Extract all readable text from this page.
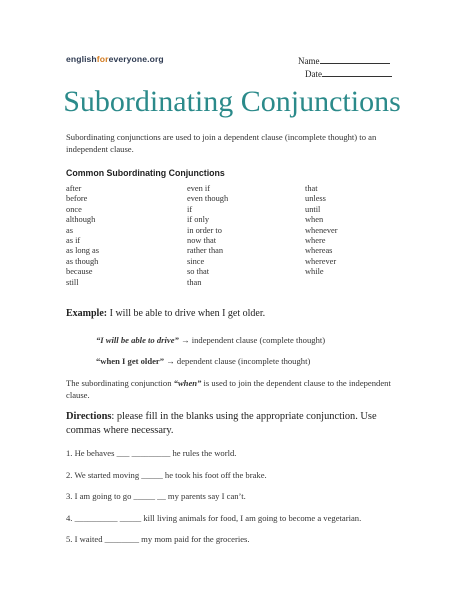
englishforeveryone.org	Name
Date
Subordinating Conjunctions
Subordinating conjunctions are used to join a dependent clause (incomplete thought) to an independent clause.
Common Subordinating Conjunctions
after
before
once
although
as
as if
as long as
as though
because
still
even if
even though
if
if only
in order to
now that
rather than
since
so that
than
that
unless
until
when
whenever
where
whereas
wherever
while
Example: I will be able to drive when I get older.
“I will be able to drive” → independent clause (complete thought)
“when I get older” → dependent clause (incomplete thought)
The subordinating conjunction “when” is used to join the dependent clause to the independent clause.
Directions: please fill in the blanks using the appropriate conjunction. Use commas where necessary.
1. He behaves ___ _________ he rules the world.
2. We started moving _____ he took his foot off the brake.
3. I am going to go _____ __ my parents say I can’t.
4. __________ _____ kill living animals for food, I am going to become a vegetarian.
5. I waited ________ my mom paid for the groceries.
